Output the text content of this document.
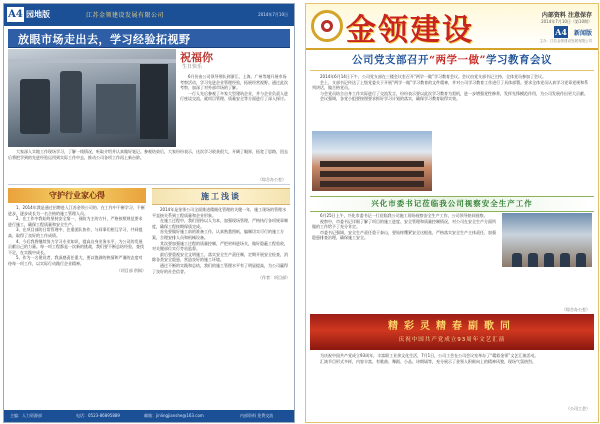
A4 园地版	江苏金领建设发展有限公司	2014年7月10日
放眼市场走出去，学习经验拓视野
祝福你
生日快乐

6月份由公司领导带队到浙江、上海、广州等地开展市场考察活动，学习先进企业管理经验，拓展经营视野。通过此次考察，加深了对外部市场的了解。

一行人先后参观了多家大型建筑企业，并与企业负责人进行座谈交流，就项目管理、质量安全等方面进行了深入探讨。

大家深入实地工作现场学习，了解一线情况，听取介绍并认真做好笔记。参观结束后，大家纷纷表示，这次学习收获很大，开阔了眼界，拓宽了思路，回去后将把学到的先进经验运用到实际工作中去，推动公司各项工作再上新台阶。

（综合办公室）
守护行业家心得

1、2014年我是通过招聘进入江苏金领公司的，在工作中不断学习，不断进步，逐步成长为一名合格的施工管理人员。

2、在工作中我始终坚持安全第一，预防为主的方针，严格按照规范要求进行施工，确保工程质量和安全生产。

3、在项目部的日常管理中，注重团队协作，与同事们相互学习，共同提高，取得了良好的工作成绩。

4、今后我将继续努力学习专业知识，提高自身业务水平，为公司的发展贡献自己的力量。每一项工程都是一次新的挑战，我们要不断总结经验，查找不足，在实践中成长。

5、作为一名建设者，我深感责任重大，要以饱满的热情和严谨的态度对待每一项工作，以实际行动践行企业精神。

（项目部 供稿）
施工浅谈

2014年是金领公司全面推进精细化管理的关键一年，施工现场的管理水平直接关系到工程质量和企业形象。

在施工过程中，我们坚持以人为本，加强现场管理，严格执行各项规章制度，确保工程按期保质完成。

首先要做好施工前的准备工作，认真熟悉图纸，编制切实可行的施工方案，合理安排人员和机械设备。

其次要加强施工过程的质量控制，严把材料进场关，做好隐蔽工程验收，对关键部位实行旁站监督。

最后要重视安全文明施工，落实安全生产责任制，定期开展安全检查，消除各类安全隐患，营造良好的施工环境。

通过不断的实践和总结，我们的施工管理水平有了明显提高，为公司赢得了良好的社会信誉。

（作者：项目部）
主编：人力资源部	电话：0523-86895889	邮箱：jinlingjianshe@163.com	内部资料 免费交流
金领建设	内部资料 注意保存
2014年7月10日（第10期）
A4 新闻版
主办：江苏金领建设发展有限公司
公司党支部召开“两学一做”学习教育会议

2014年6月14日下午，公司党支部在三楼会议室召开“两学一做”学习教育会议。会议由党支部书记主持，全体党员参加了会议。

会上，支部书记传达了上级党委关于开展“两学一做”学习教育的文件精神，并对公司学习教育工作进行了具体部署。要求全体党员认真学习党章党规和系列讲话，做合格党员。

与会党员结合自身工作实际进行了交流发言，纷纷表示要以此次学习教育为契机，进一步增强党性修养，发挥先锋模范作用，为公司发展作出更大贡献。

会议强调，各党小组要按照要求抓好学习计划的落实，确保学习教育取得实效。

兴化市委书记莅临我公司视察安全生产工作

6月25日上午，兴化市委书记一行莅临我公司施工现场视察安全生产工作，公司领导陪同视察。

视察中，市委书记详细了解了项目的施工进度、安全管理和质量控制情况，对公司在安全生产方面所做的工作给予了充分肯定。

市委书记强调，安全生产责任重于泰山，要始终绷紧安全这根弦，严格落实安全生产主体责任，加强隐患排查治理，确保施工安全。

（综合办公室）
精彩灵精春副歌同
庆祝中国共产党成立93周年文艺汇演

为庆祝中国共产党成立93周年，丰富职工业余文化生活，7月1日，公司工会在公司会议室举办了“精彩金领”文艺汇演活动。

汇演节目形式多样，内容丰富，有歌曲、舞蹈、小品、诗朗诵等，充分展示了金领人积极向上的精神风貌，现场气氛热烈。

（公司工会）
